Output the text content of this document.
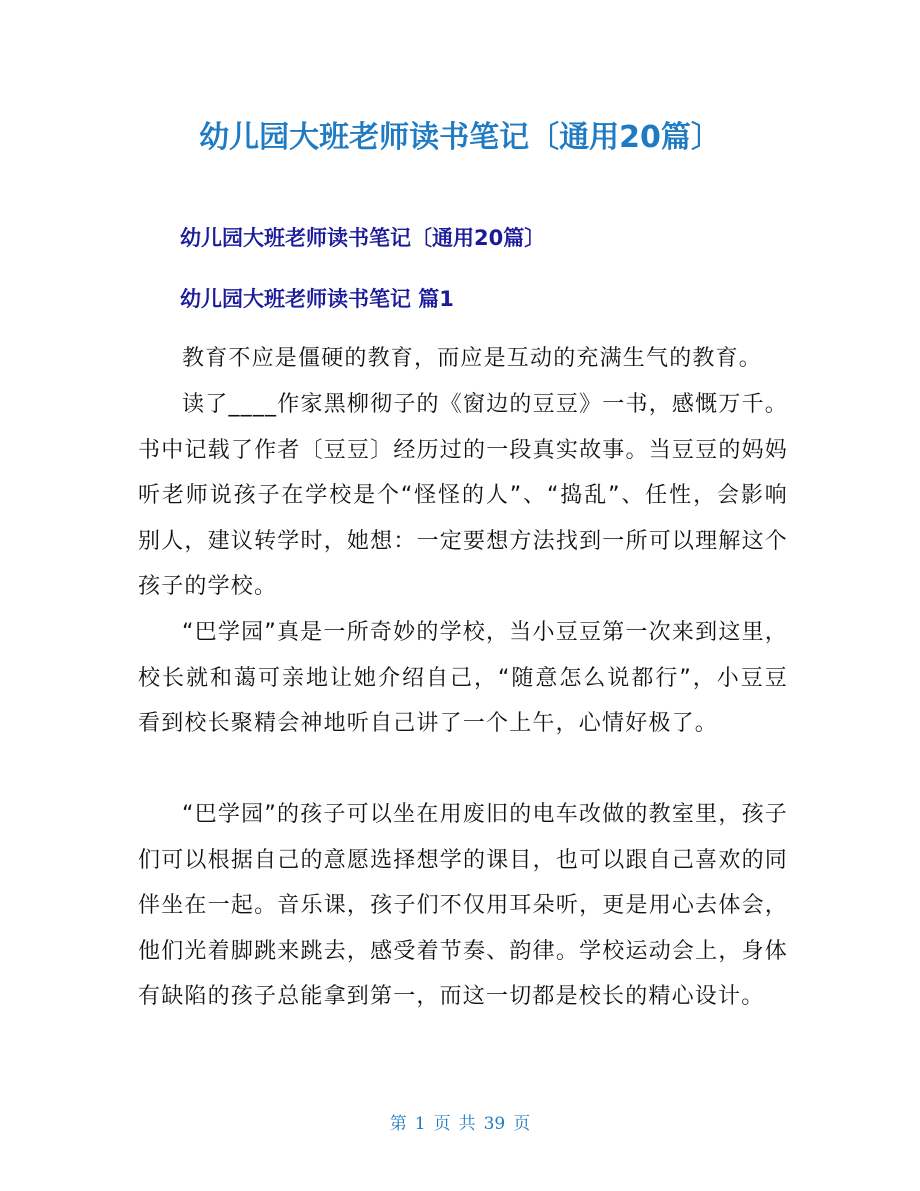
幼儿园大班老师读书笔记〔通用20篇〕
幼儿园大班老师读书笔记〔通用20篇〕
幼儿园大班老师读书笔记 篇1

教育不应是僵硬的教育，而应是互动的充满生气的教育。

读了____作家黑柳彻子的《窗边的豆豆》一书，感慨万千。书中记载了作者〔豆豆〕经历过的一段真实故事。当豆豆的妈妈听老师说孩子在学校是个“怪怪的人”、“捣乱”、任性，会影响别人，建议转学时，她想：一定要想方法找到一所可以理解这个孩子的学校。

“巴学园”真是一所奇妙的学校，当小豆豆第一次来到这里，校长就和蔼可亲地让她介绍自己，“随意怎么说都行”，小豆豆看到校长聚精会神地听自己讲了一个上午，心情好极了。

“巴学园”的孩子可以坐在用废旧的电车改做的教室里，孩子们可以根据自己的意愿选择想学的课目，也可以跟自己喜欢的同伴坐在一起。音乐课，孩子们不仅用耳朵听，更是用心去体会，他们光着脚跳来跳去，感受着节奏、韵律。学校运动会上，身体有缺陷的孩子总能拿到第一，而这一切都是校长的精心设计。

第 1 页 共 39 页
